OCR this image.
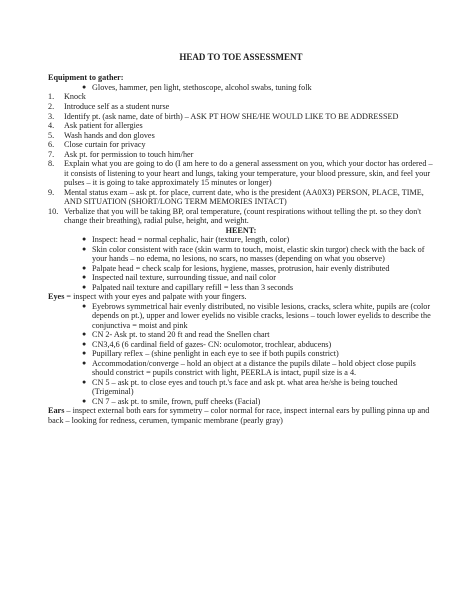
HEAD TO TOE ASSESSMENT
Equipment to gather:
● Gloves, hammer, pen light, stethoscope, alcohol swabs, tuning folk
1. Knock
2. Introduce self as a student nurse
3. Identify pt. (ask name, date of birth) – ASK PT HOW SHE/HE WOULD LIKE TO BE ADDRESSED
4. Ask patient for allergies
5. Wash hands and don gloves
6. Close curtain for privacy
7. Ask pt. for permission to touch him/her
8. Explain what you are going to do (I am here to do a general assessment on you, which your doctor has ordered – it consists of listening to your heart and lungs, taking your temperature, your blood pressure, skin, and feel your pulses – it is going to take approximately 15 minutes or longer)
9. Mental status exam – ask pt. for place, current date, who is the president (AA0X3) PERSON, PLACE, TIME, AND SITUATION (SHORT/LONG TERM MEMORIES INTACT)
10. Verbalize that you will be taking BP, oral temperature, (count respirations without telling the pt. so they don't change their breathing), radial pulse, height, and weight.
HEENT:
● Inspect: head = normal cephalic, hair (texture, length, color)
● Skin color consistent with race (skin warm to touch, moist, elastic skin turgor) check with the back of your hands – no edema, no lesions, no scars, no masses (depending on what you observe)
● Palpate head = check scalp for lesions, hygiene, masses, protrusion, hair evenly distributed
● Inspected nail texture, surrounding tissue, and nail color
● Palpated nail texture and capillary refill = less than 3 seconds
Eyes = inspect with your eyes and palpate with your fingers.
● Eyebrows symmetrical hair evenly distributed, no visible lesions, cracks, sclera white, pupils are (color depends on pt.), upper and lower eyelids no visible cracks, lesions – touch lower eyelids to describe the conjunctiva = moist and pink
● CN 2- Ask pt. to stand 20 ft and read the Snellen chart
● CN3,4,6 (6 cardinal field of gazes- CN: oculomotor, trochlear, abducens)
● Pupillary reflex – (shine penlight in each eye to see if both pupils constrict)
● Accommodation/converge – hold an object at a distance the pupils dilate – hold object close pupils should constrict = pupils constrict with light, PEERLA is intact, pupil size is a 4.
● CN 5 – ask pt. to close eyes and touch pt.'s face and ask pt. what area he/she is being touched (Trigeminal)
● CN 7 – ask pt. to smile, frown, puff cheeks (Facial)
Ears – inspect external both ears for symmetry – color normal for race, inspect internal ears by pulling pinna up and back – looking for redness, cerumen, tympanic membrane (pearly gray)
